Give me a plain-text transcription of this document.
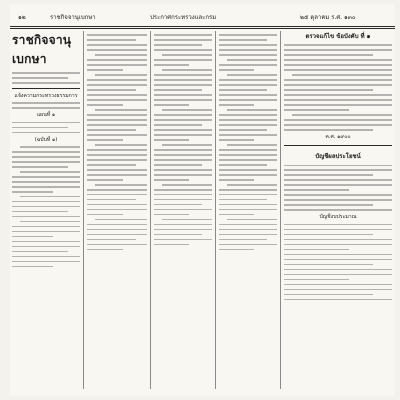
๑๒	ราชกิจจานุเบกษา	ประกาศกระทรวงและกรม	๒๕ ตุลาคม ร.ศ. ๑๓๐
ราชกิจจานุเบกษา
แจ้งความกระทรวงธรรมการ
แผนที่ ๑
(ฉบับที่ ๑)
ตรวจแก้ไข ข้อบังคับ ที่ ๑
ค.ศ. ๑๙๐๐
บัญชีผลประโยชน์
บัญชีงบประมาณ
